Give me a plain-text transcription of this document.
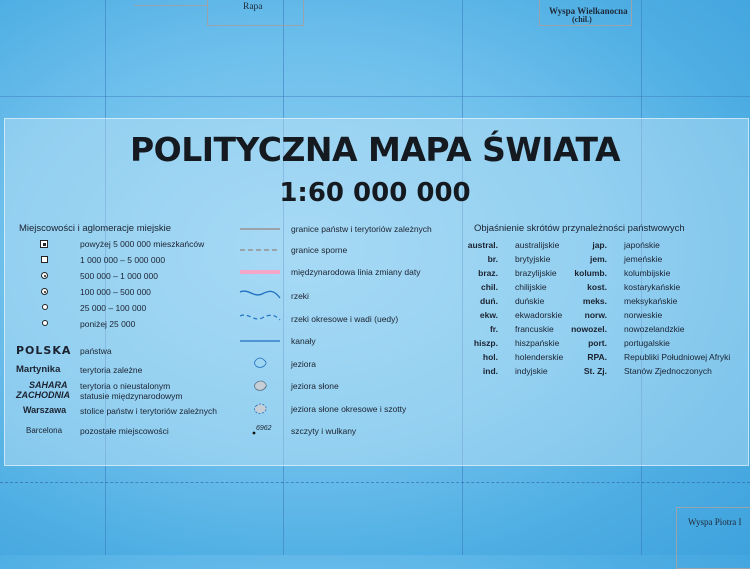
Rapa	Wyspa Wielkanocna
(chil.)
Wyspa Piotra I
POLITYCZNA MAPA ŚWIATA
1:60 000 000
Miejscowości i aglomeracje miejskie
powyżej 5 000 000 mieszkańców
1 000 000 – 5 000 000
500 000 – 1 000 000
100 000 – 500 000
25 000 – 100 000
poniżej 25 000
POLSKA państwa
Martynika terytoria zależne
SAHARA
ZACHODNIA
terytoria o nieustalonym
statusie międzynarodowym
Warszawa stolice państw i terytoriów zależnych
Barcelona pozostałe miejscowości	6962
granice państw i terytoriów zależnych
granice sporne
międzynarodowa linia zmiany daty
rzeki
rzeki okresowe i wadi (uedy)
kanały
jeziora
jeziora słone
jeziora słone okresowe i szotty
szczyty i wulkany
Objaśnienie skrótów przynależności państwowych
austral. australijskie
br. brytyjskie
braz. brazylijskie
chil. chilijskie
duń. duńskie
ekw. ekwadorskie
fr. francuskie
hiszp. hiszpańskie
hol. holenderskie
ind. indyjskie
jap. japońskie
jem. jemeńskie
kolumb. kolumbijskie
kost. kostarykańskie
meks. meksykańskie
norw. norweskie
nowozel. nowozelandzkie
port. portugalskie
RPA. Republiki Południowej Afryki
St. Zj. Stanów Zjednoczonych
